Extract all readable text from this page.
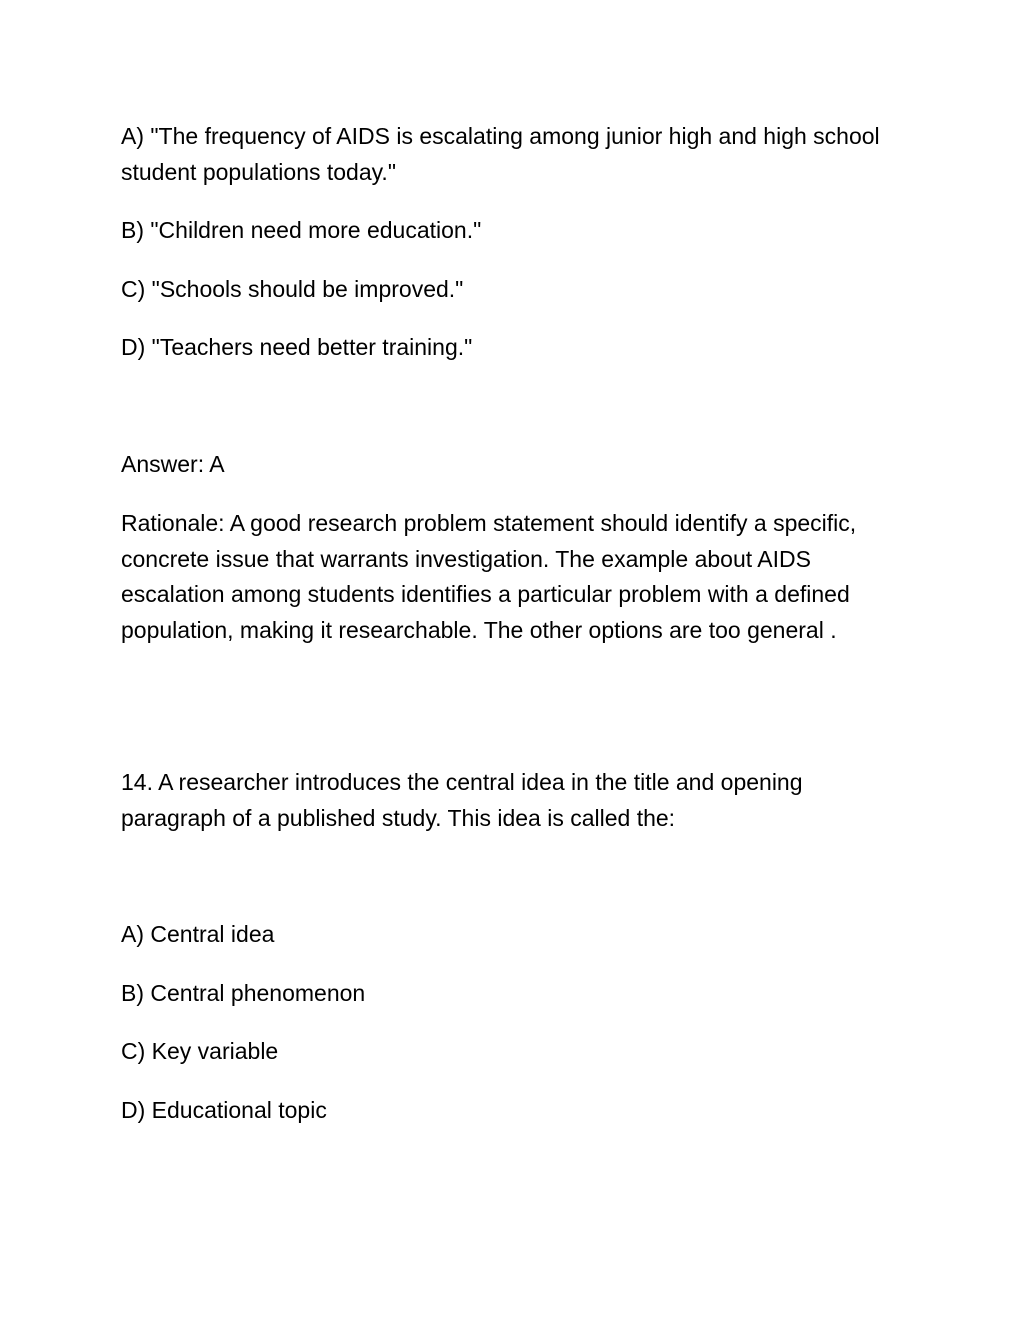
A) "The frequency of AIDS is escalating among junior high and high school student populations today."

B) "Children need more education."

C) "Schools should be improved."

D) "Teachers need better training."

Answer: A

Rationale: A good research problem statement should identify a specific, concrete issue that warrants investigation. The example about AIDS escalation among students identifies a particular problem with a defined population, making it researchable. The other options are too general .

14. A researcher introduces the central idea in the title and opening paragraph of a published study. This idea is called the:

A) Central idea

B) Central phenomenon

C) Key variable

D) Educational topic
